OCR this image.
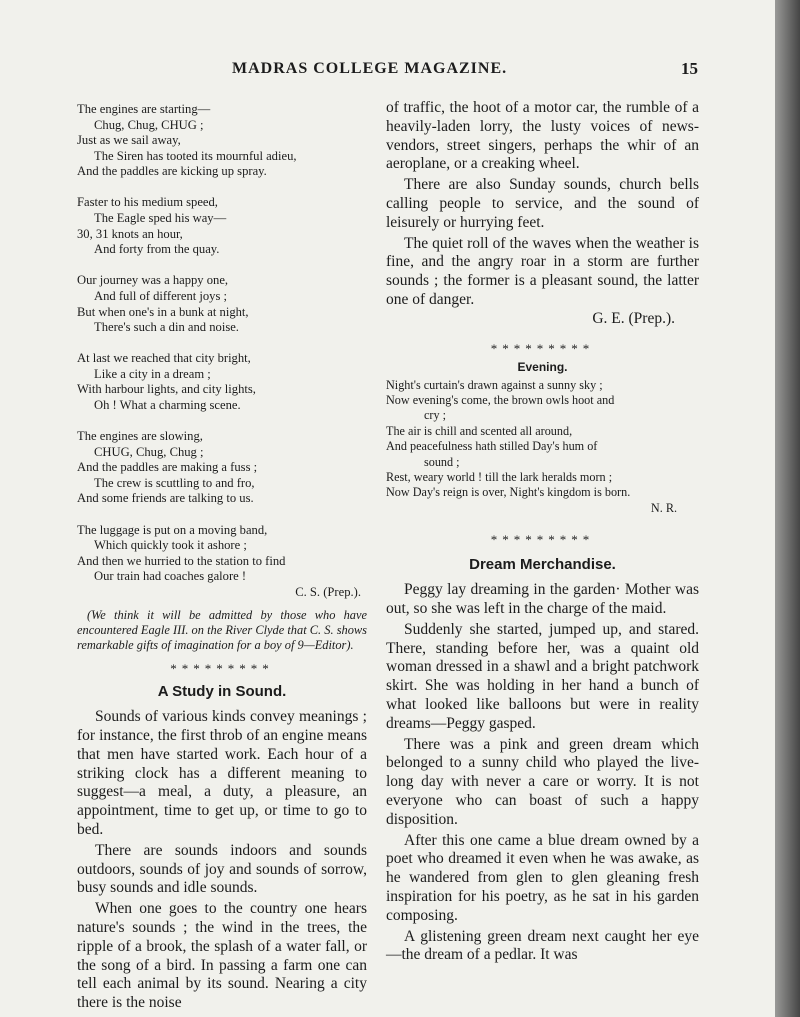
MADRAS COLLEGE MAGAZINE.	15
The engines are starting—
Chug, Chug, CHUG ;
Just as we sail away,
The Siren has tooted its mournful adieu,
And the paddles are kicking up spray.
Faster to his medium speed,
The Eagle sped his way—
30, 31 knots an hour,
And forty from the quay.
Our journey was a happy one,
And full of different joys ;
But when one's in a bunk at night,
There's such a din and noise.
At last we reached that city bright,
Like a city in a dream ;
With harbour lights, and city lights,
Oh ! What a charming scene.
The engines are slowing,
CHUG, Chug, Chug ;
And the paddles are making a fuss ;
The crew is scuttling to and fro,
And some friends are talking to us.
The luggage is put on a moving band,
Which quickly took it ashore ;
And then we hurried to the station to find
Our train had coaches galore !
C. S. (Prep.).
(We think it will be admitted by those who have encountered Eagle III. on the River Clyde that C. S. shows remarkable gifts of imagination for a boy of 9—Editor).
*********
A Study in Sound.

Sounds of various kinds convey meanings ; for instance, the first throb of an engine means that men have started work. Each hour of a striking clock has a different meaning to suggest—a meal, a duty, a pleasure, an appointment, time to get up, or time to go to bed.

There are sounds indoors and sounds outdoors, sounds of joy and sounds of sorrow, busy sounds and idle sounds.

When one goes to the country one hears nature's sounds ; the wind in the trees, the ripple of a brook, the splash of a water fall, or the song of a bird. In passing a farm one can tell each animal by its sound. Nearing a city there is the noise

of traffic, the hoot of a motor car, the rumble of a heavily-laden lorry, the lusty voices of news-vendors, street singers, perhaps the whir of an aeroplane, or a creaking wheel.

There are also Sunday sounds, church bells calling people to service, and the sound of leisurely or hurrying feet.

The quiet roll of the waves when the weather is fine, and the angry roar in a storm are further sounds ; the former is a pleasant sound, the latter one of danger.

G. E. (Prep.).
*********
Evening.
Night's curtain's drawn against a sunny sky ;
Now evening's come, the brown owls hoot and
cry ;
The air is chill and scented all around,
And peacefulness hath stilled Day's hum of
sound ;
Rest, weary world ! till the lark heralds morn ;
Now Day's reign is over, Night's kingdom is born.
N. R.
*********
Dream Merchandise.

Peggy lay dreaming in the garden· Mother was out, so she was left in the charge of the maid.

Suddenly she started, jumped up, and stared. There, standing before her, was a quaint old woman dressed in a shawl and a bright patchwork skirt. She was holding in her hand a bunch of what looked like balloons but were in reality dreams—Peggy gasped.

There was a pink and green dream which belonged to a sunny child who played the live-long day with never a care or worry. It is not everyone who can boast of such a happy disposition.

After this one came a blue dream owned by a poet who dreamed it even when he was awake, as he wandered from glen to glen gleaning fresh inspiration for his poetry, as he sat in his garden composing.

A glistening green dream next caught her eye—the dream of a pedlar. It was
